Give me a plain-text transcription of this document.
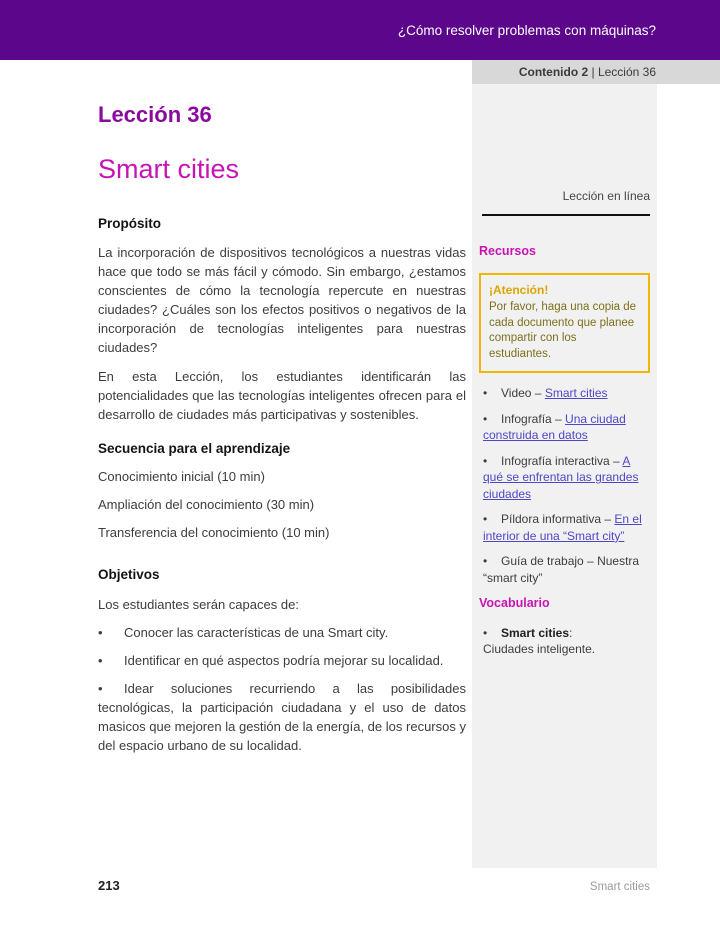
¿Cómo resolver problemas con máquinas?
Contenido 2 | Lección 36
Lección en línea
Recursos
¡Atención!
Por favor, haga una copia de cada documento que planee compartir con los estudiantes.
• Video – Smart cities
• Infografía – Una ciudad construida en datos
• Infografía interactiva – A qué se enfrentan las grandes ciudades
• Píldora informativa – En el interior de una “Smart city”
• Guía de trabajo – Nuestra “smart city”
Vocabulario
• Smart cities:
Ciudades inteligente.
Lección 36
Smart cities
Propósito

La incorporación de dispositivos tecnológicos a nuestras vidas hace que todo se más fácil y cómodo. Sin embargo, ¿estamos conscientes de cómo la tecnología repercute en nuestras ciudades? ¿Cuáles son los efectos positivos o negativos de la incorporación de tecnologías inteligentes para nuestras ciudades?

En esta Lección, los estudiantes identificarán las potencialidades que las tecnologías inteligentes ofrecen para el desarrollo de ciudades más participativas y sostenibles.

Secuencia para el aprendizaje

Conocimiento inicial (10 min)

Ampliación del conocimiento (30 min)

Transferencia del conocimiento (10 min)

Objetivos

Los estudiantes serán capaces de:

• Conocer las características de una Smart city.
• Identificar en qué aspectos podría mejorar su localidad.
• Idear soluciones recurriendo a las posibilidades tecnológicas, la participación ciudadana y el uso de datos masicos que mejoren la gestión de la energía, de los recursos y del espacio urbano de su localidad.
213	Smart cities
